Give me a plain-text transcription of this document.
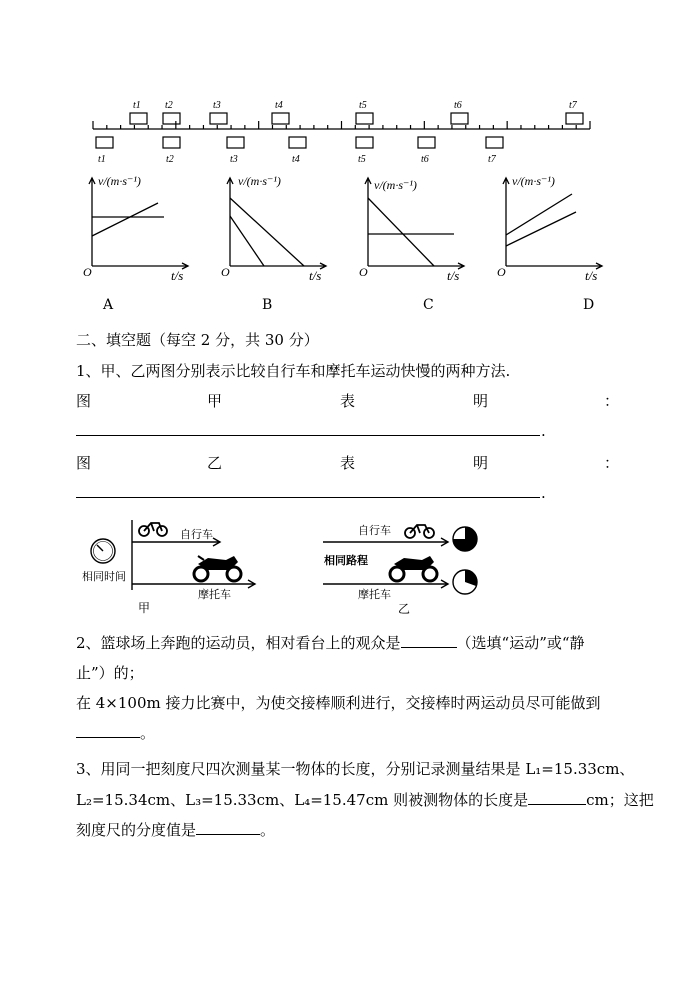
t1 t2	t3	t4	t5	t6	t7
t1	t2	t3	t4	t5	t6	t7
v/(m·s⁻¹)
O	t/s
v/(m·s⁻¹)
O	t/s
v/(m·s⁻¹)
O	t/s
v/(m·s⁻¹)
O	t/s
A	B	C	D
二、填空题（每空 2 分，共 30 分）
1、甲、乙两图分别表示比较自行车和摩托车运动快慢的两种方法.
图	甲	表	明	：
.
图	乙	表	明	：
.
自行车
相同时间
摩托车
甲
自行车
相同路程
摩托车
乙
2、篮球场上奔跑的运动员，相对看台上的观众是	（选填“运动”或“静
止”）的；
在 4×100m 接力比赛中，为使交接棒顺利进行，交接棒时两运动员尽可能做到
。
3、用同一把刻度尺四次测量某一物体的长度，分别记录测量结果是 L₁=15.33cm、
L₂=15.34cm、L₃=15.33cm、L₄=15.47cm 则被测物体的长度是	cm；这把
刻度尺的分度值是	。
